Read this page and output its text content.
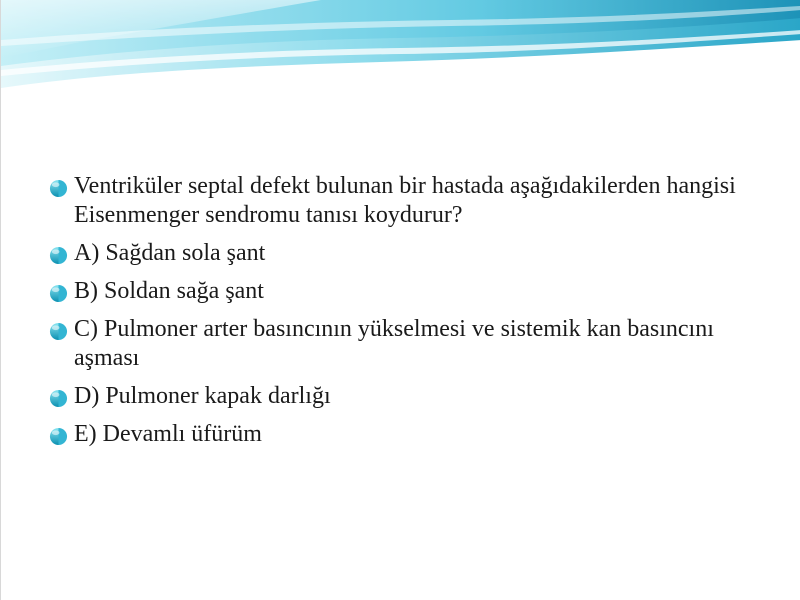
Ventriküler septal defekt bulunan bir hastada aşağıdakilerden hangisi Eisenmenger sendromu tanısı koydurur?
A) Sağdan sola şant
B) Soldan sağa şant
C) Pulmoner arter basıncının yükselmesi ve sistemik kan basıncını aşması
D) Pulmoner kapak darlığı
E) Devamlı üfürüm
